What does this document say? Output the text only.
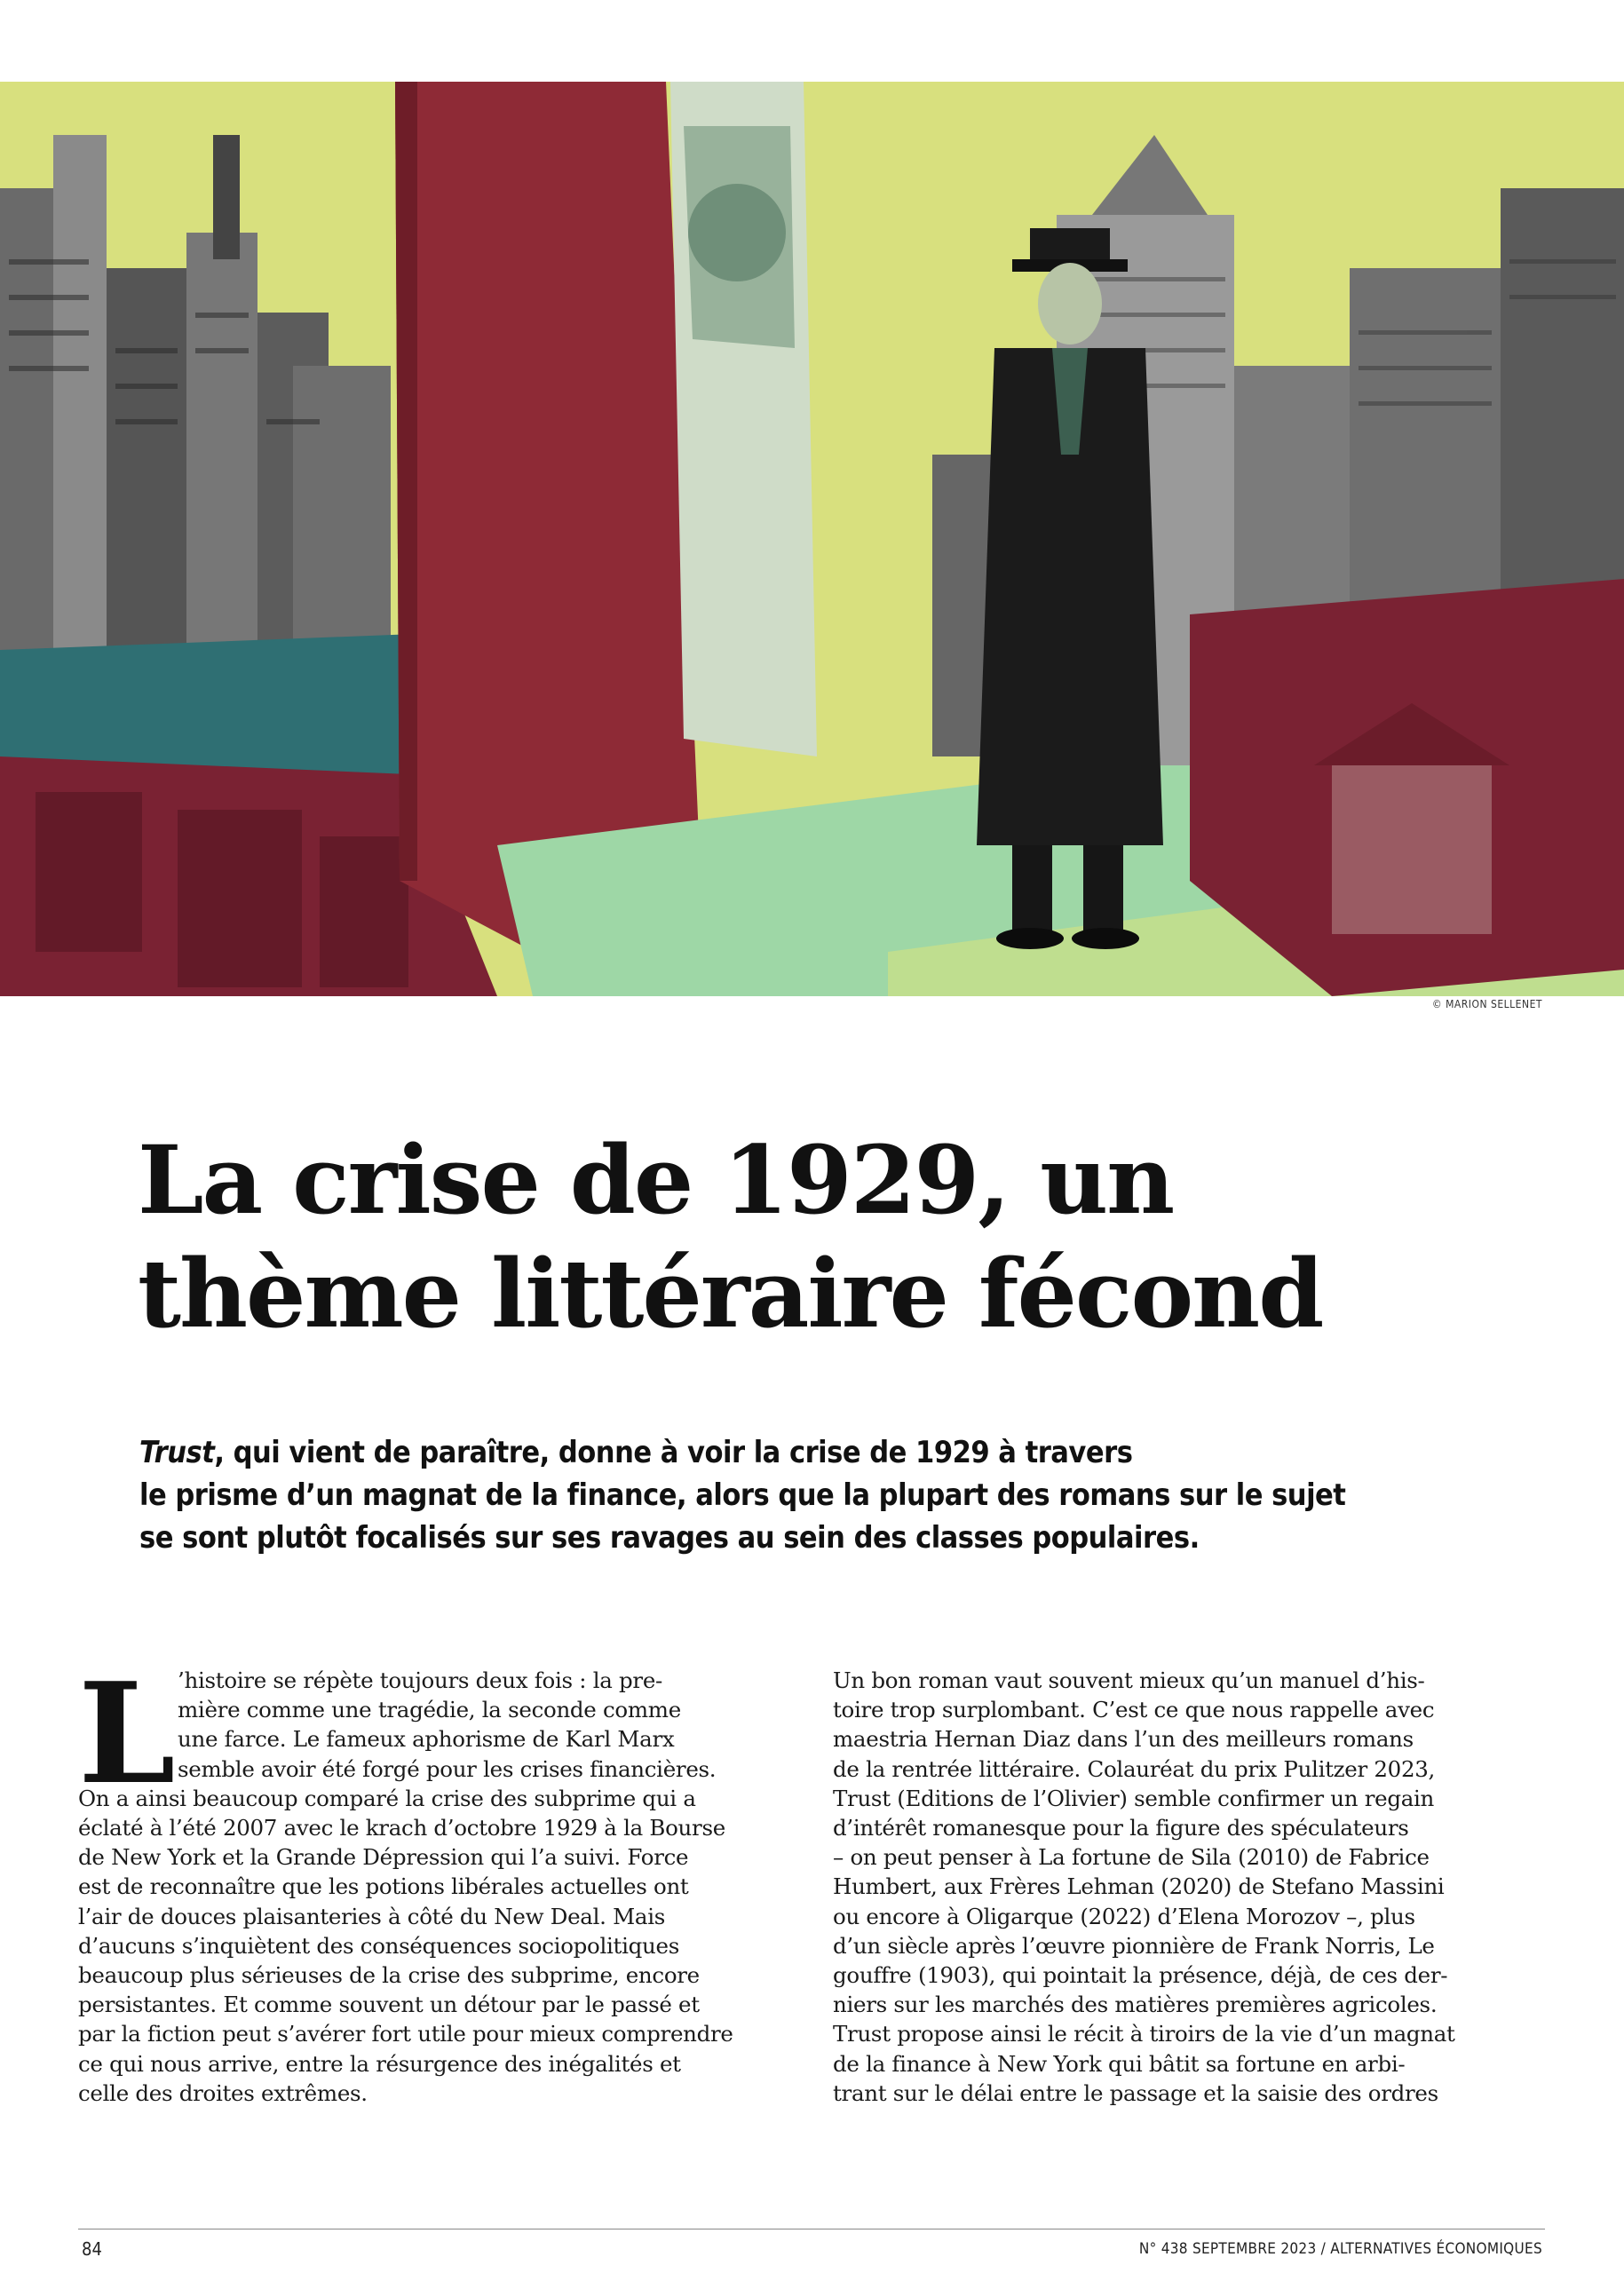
© MARION SELLENET
La crise de 1929, un
thème littéraire fécond

Trust, qui vient de paraître, donne à voir la crise de 1929 à travers
le prisme d’un magnat de la finance, alors que la plupart des romans sur le sujet
se sont plutôt focalisés sur ses ravages au sein des classes populaires.

L ’histoire se répète toujours deux fois : la pre-
mière comme une tragédie, la seconde comme
une farce. Le fameux aphorisme de Karl Marx
semble avoir été forgé pour les crises financières.
On a ainsi beaucoup comparé la crise des subprime qui a
éclaté à l’été 2007 avec le krach d’octobre 1929 à la Bourse
de New York et la Grande Dépression qui l’a suivi. Force
est de reconnaître que les potions libérales actuelles ont
l’air de douces plaisanteries à côté du New Deal. Mais
d’aucuns s’inquiètent des conséquences sociopolitiques
beaucoup plus sérieuses de la crise des subprime, encore
persistantes. Et comme souvent un détour par le passé et
par la fiction peut s’avérer fort utile pour mieux comprendre
ce qui nous arrive, entre la résurgence des inégalités et
celle des droites extrêmes.
Un bon roman vaut souvent mieux qu’un manuel d’his-
toire trop surplombant. C’est ce que nous rappelle avec
maestria Hernan Diaz dans l’un des meilleurs romans
de la rentrée littéraire. Colauréat du prix Pulitzer 2023,
Trust (Editions de l’Olivier) semble confirmer un regain
d’intérêt romanesque pour la figure des spéculateurs
– on peut penser à La fortune de Sila (2010) de Fabrice
Humbert, aux Frères Lehman (2020) de Stefano Massini
ou encore à Oligarque (2022) d’Elena Morozov –, plus
d’un siècle après l’œuvre pionnière de Frank Norris, Le
gouffre (1903), qui pointait la présence, déjà, de ces der-
niers sur les marchés des matières premières agricoles.
Trust propose ainsi le récit à tiroirs de la vie d’un magnat
de la finance à New York qui bâtit sa fortune en arbi-
trant sur le délai entre le passage et la saisie des ordres
84	N° 438 SEPTEMBRE 2023 / ALTERNATIVES ÉCONOMIQUES
